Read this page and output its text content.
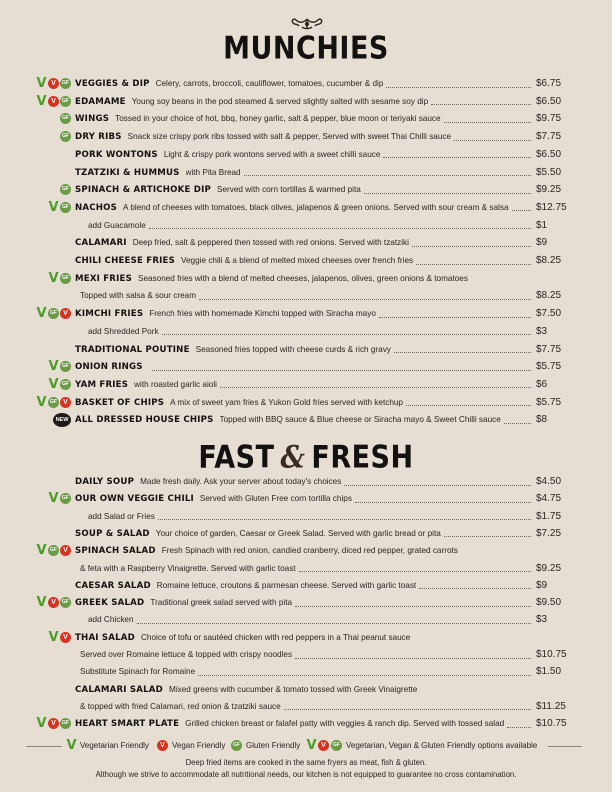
MUNCHIES
GF
V
V	VEGGIES & DIP Celery, carrots, broccoli, cauliflower, tomatoes, cucumber & dip	$6.75
GF
V
V	EDAMAME Young soy beans in the pod steamed & served slightly salted with sesame soy dip	$6.50
GF WINGS Tossed in your choice of hot, bbq, honey garlic, salt & pepper, blue moon or teriyaki sauce	$9.75
GF DRY RIBS Snack size crispy pork ribs tossed with salt & pepper, Served with sweet Thai Chilli sauce	$7.75
PORK WONTONS Light & crispy pork wontons served with a sweet chilli sauce	$6.50
TZATZIKI & HUMMUS with Pita Bread	$5.50
GF SPINACH & ARTICHOKE DIP Served with corn tortillas & warmed pita	$9.25
GF
V NACHOS A blend of cheeses with tomatoes, black olives, jalapenos & green onions. Served with sour cream & salsa	$12.75
add Guacamole	$1
CALAMARI Deep fried, salt & peppered then tossed with red onions. Served with tzatziki	$9
CHILI CHEESE FRIES Veggie chili & a blend of melted mixed cheeses over french fries	$8.25
GF
V MEXI FRIES Seasoned fries with a blend of melted cheeses, jalapenos, olives, green onions & tomatoes
Topped with salsa & sour cream	$8.25
V
GF
V	KIMCHI FRIES French fries with homemade Kimchi topped with Siracha mayo	$7.50
add Shredded Pork	$3
TRADITIONAL POUTINE Seasoned fries topped with cheese curds & rich gravy	$7.75
GF
V ONION RINGS	$5.75
GF
V YAM FRIES with roasted garlic aioli	$6
V
GF
V	BASKET OF CHIPS A mix of sweet yam fries & Yukon Gold fries served with ketchup	$5.75
NEW ALL DRESSED HOUSE CHIPS Topped with BBQ sauce & Blue cheese or Siracha mayo & Sweet Chilli sauce	$8
FAST & FRESH
DAILY SOUP Made fresh daily. Ask your server about today's choices	$4.50
GF
V OUR OWN VEGGIE CHILI Served with Gluten Free corn tortilla chips	$4.75
add Salad or Fries	$1.75
SOUP & SALAD Your choice of garden, Caesar or Greek Salad. Served with garlic bread or pita	$7.25
V
GF
V	SPINACH SALAD Fresh Spinach with red onion, candied cranberry, diced red pepper, grated carrots
& feta with a Raspberry Vinaigrette. Served with garlic toast	$9.25
CAESAR SALAD Romaine lettuce, croutons & parmesan cheese. Served with garlic toast	$9
GF
V
V	GREEK SALAD Traditional greek salad served with pita	$9.50
add Chicken	$3
V
V THAI SALAD Choice of tofu or sautéed chicken with red peppers in a Thai peanut sauce
Served over Romaine lettuce & topped with crispy noodles	$10.75
Substitute Spinach for Romaine	$1.50
CALAMARI SALAD Mixed greens with cucumber & tomato tossed with Greek Vinaigrette
& topped with fried Calamari, red onion & tzatziki sauce	$11.25
GF
V
V	HEART SMART PLATE Grilled chicken breast or falafel patty with veggies & ranch dip. Served with tossed salad	$10.75
V Vegetarian Friendly	V Vegan Friendly	GF Gluten Friendly V V	GF Vegetarian, Vegan & Gluten Friendly options available
Deep fried items are cooked in the same fryers as meat, fish & gluten.
Although we strive to accommodate all nutritional needs, our kitchen is not equipped to guarantee no cross contamination.
